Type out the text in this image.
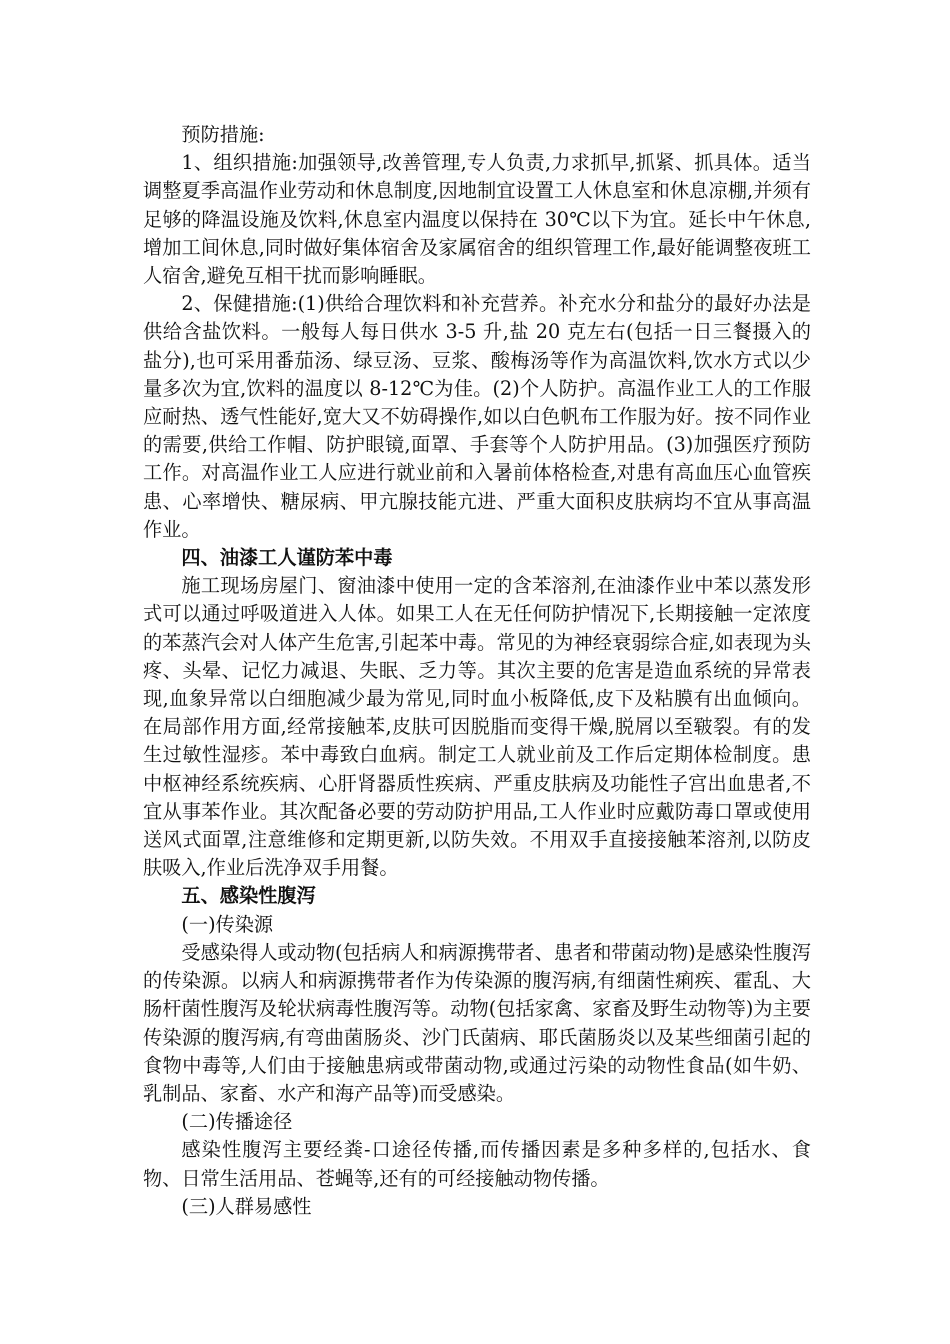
预防措施:

1、组织措施:加强领导,改善管理,专人负责,力求抓早,抓紧、抓具体。适当调整夏季高温作业劳动和休息制度,因地制宜设置工人休息室和休息凉棚,并须有足够的降温设施及饮料,休息室内温度以保持在 30℃以下为宜。延长中午休息,增加工间休息,同时做好集体宿舍及家属宿舍的组织管理工作,最好能调整夜班工人宿舍,避免互相干扰而影响睡眠。

2、保健措施:(1)供给合理饮料和补充营养。补充水分和盐分的最好办法是供给含盐饮料。一般每人每日供水 3-5 升,盐 20 克左右(包括一日三餐摄入的盐分),也可采用番茄汤、绿豆汤、豆浆、酸梅汤等作为高温饮料,饮水方式以少量多次为宜,饮料的温度以 8-12℃为佳。(2)个人防护。高温作业工人的工作服应耐热、透气性能好,宽大又不妨碍操作,如以白色帆布工作服为好。按不同作业的需要,供给工作帽、防护眼镜,面罩、手套等个人防护用品。(3)加强医疗预防工作。对高温作业工人应进行就业前和入暑前体格检查,对患有高血压心血管疾患、心率增快、糖尿病、甲亢腺技能亢进、严重大面积皮肤病均不宜从事高温作业。

四、油漆工人谨防苯中毒

施工现场房屋门、窗油漆中使用一定的含苯溶剂,在油漆作业中苯以蒸发形式可以通过呼吸道进入人体。如果工人在无任何防护情况下,长期接触一定浓度的苯蒸汽会对人体产生危害,引起苯中毒。常见的为神经衰弱综合症,如表现为头疼、头晕、记忆力减退、失眠、乏力等。其次主要的危害是造血系统的异常表现,血象异常以白细胞减少最为常见,同时血小板降低,皮下及粘膜有出血倾向。在局部作用方面,经常接触苯,皮肤可因脱脂而变得干燥,脱屑以至皲裂。有的发生过敏性湿疹。苯中毒致白血病。制定工人就业前及工作后定期体检制度。患中枢神经系统疾病、心肝肾器质性疾病、严重皮肤病及功能性子宫出血患者,不宜从事苯作业。其次配备必要的劳动防护用品,工人作业时应戴防毒口罩或使用送风式面罩,注意维修和定期更新,以防失效。不用双手直接接触苯溶剂,以防皮肤吸入,作业后洗净双手用餐。

五、感染性腹泻

(一)传染源

受感染得人或动物(包括病人和病源携带者、患者和带菌动物)是感染性腹泻的传染源。以病人和病源携带者作为传染源的腹泻病,有细菌性痢疾、霍乱、大肠杆菌性腹泻及轮状病毒性腹泻等。动物(包括家禽、家畜及野生动物等)为主要传染源的腹泻病,有弯曲菌肠炎、沙门氏菌病、耶氏菌肠炎以及某些细菌引起的食物中毒等,人们由于接触患病或带菌动物,或通过污染的动物性食品(如牛奶、乳制品、家畜、水产和海产品等)而受感染。

(二)传播途径

感染性腹泻主要经粪-口途径传播,而传播因素是多种多样的,包括水、食物、日常生活用品、苍蝇等,还有的可经接触动物传播。

(三)人群易感性
